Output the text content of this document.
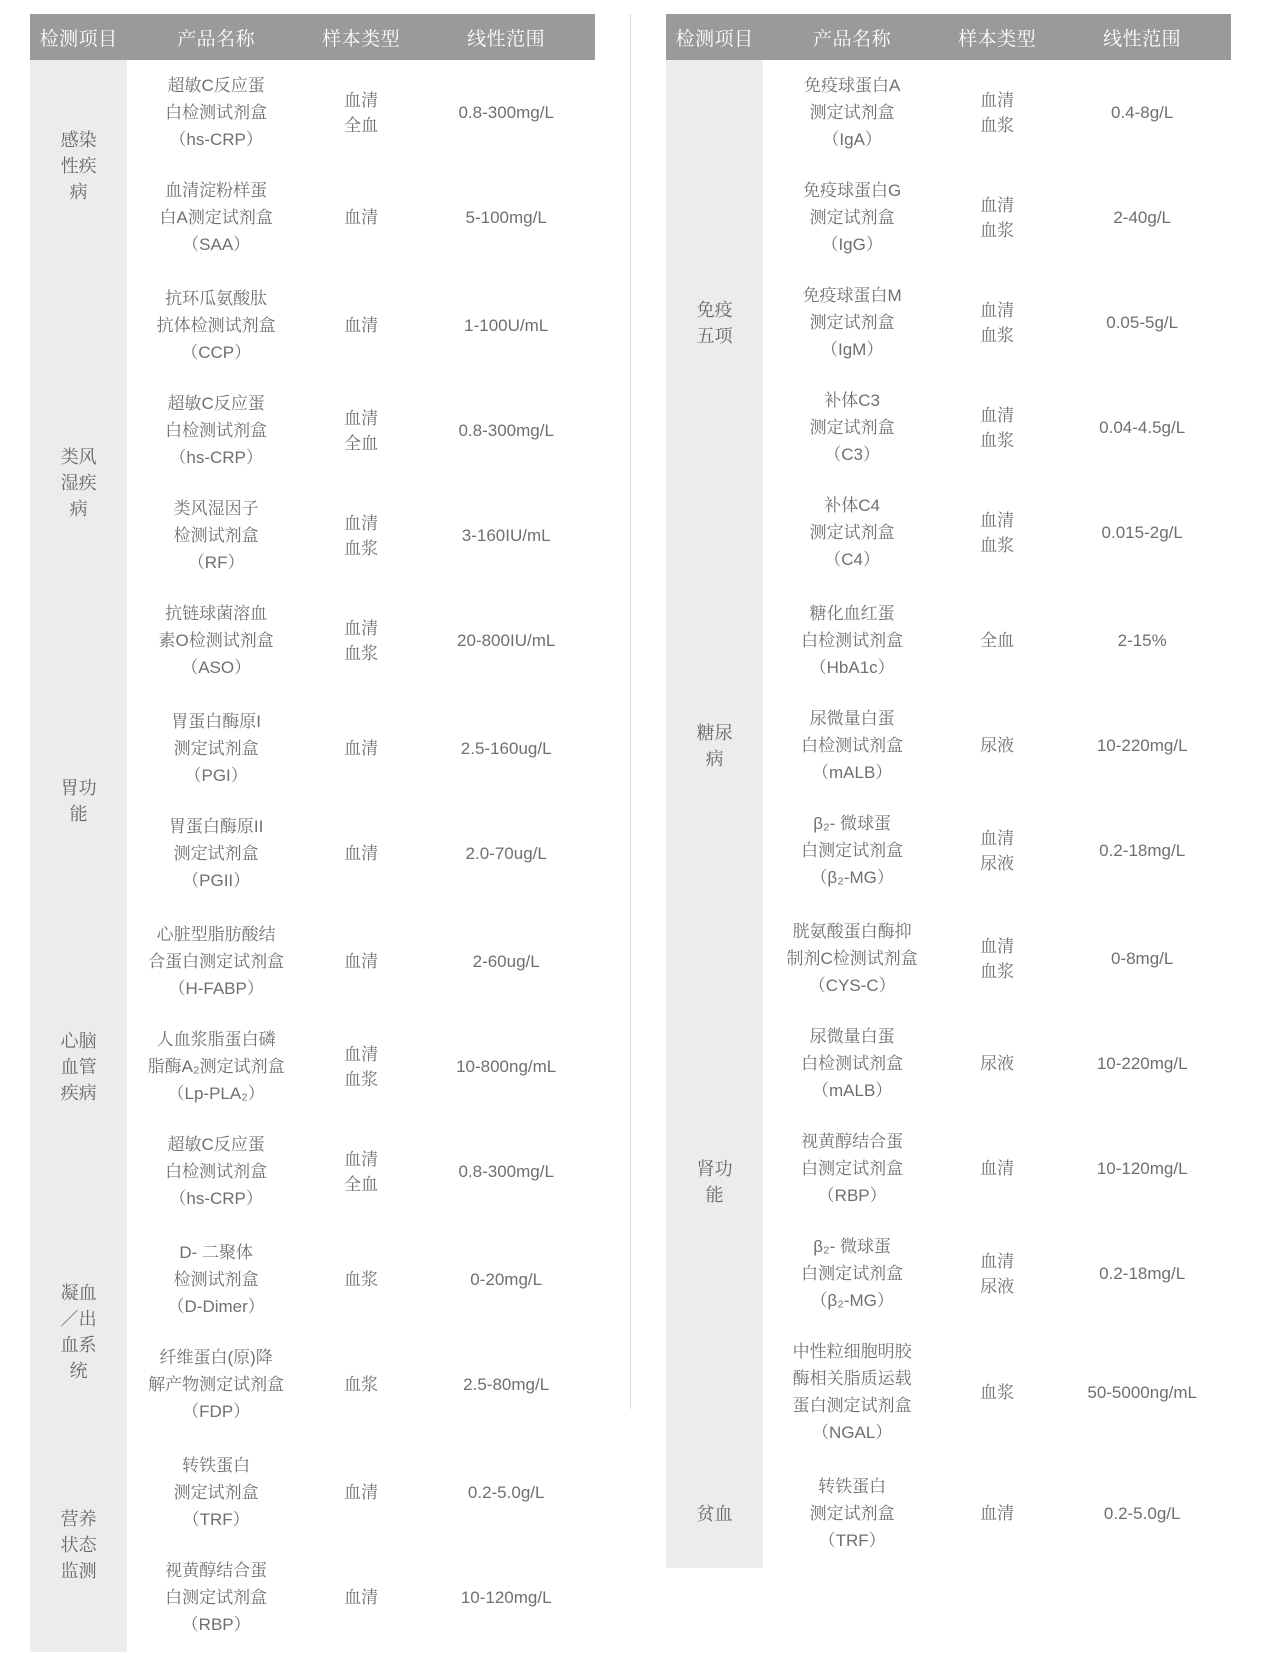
检测项目	产品名称	样本类型	线性范围

感染性疾病	超敏C反应蛋
白检测试剂盒
（hs-CRP）	血清
全血	0.8-300mg/L

	血清淀粉样蛋
白A测定试剂盒
（SAA）	血清	5-100mg/L

类风湿疾病	抗环瓜氨酸肽
抗体检测试剂盒
（CCP）	血清	1-100U/mL

	超敏C反应蛋
白检测试剂盒
（hs-CRP）	血清
全血	0.8-300mg/L

	类风湿因子
检测试剂盒
（RF）	血清
血浆	3-160IU/mL

	抗链球菌溶血
素O检测试剂盒
（ASO）	血清
血浆	20-800IU/mL

胃功能	胃蛋白酶原I
测定试剂盒
（PGI）	血清	2.5-160ug/L

	胃蛋白酶原II
测定试剂盒
（PGII）	血清	2.0-70ug/L

心脑血管疾病	心脏型脂肪酸结
合蛋白测定试剂盒
（H-FABP）	血清	2-60ug/L

	人血浆脂蛋白磷
脂酶A₂测定试剂盒
（Lp-PLA₂）	血清
血浆	10-800ng/mL

	超敏C反应蛋
白检测试剂盒
（hs-CRP）	血清
全血	0.8-300mg/L

凝血／出血系统	D- 二聚体
检测试剂盒
（D-Dimer）	血浆	0-20mg/L

	纤维蛋白(原)降
解产物测定试剂盒
（FDP）	血浆	2.5-80mg/L

营养状态监测	转铁蛋白
测定试剂盒
（TRF）	血清	0.2-5.0g/L

	视黄醇结合蛋
白测定试剂盒
（RBP）	血清	10-120mg/L
检测项目	产品名称	样本类型	线性范围

免疫五项	免疫球蛋白A
测定试剂盒
（IgA）	血清
血浆	0.4-8g/L

	免疫球蛋白G
测定试剂盒
（IgG）	血清
血浆	2-40g/L

	免疫球蛋白M
测定试剂盒
（IgM）	血清
血浆	0.05-5g/L

	补体C3
测定试剂盒
（C3）	血清
血浆	0.04-4.5g/L

	补体C4
测定试剂盒
（C4）	血清
血浆	0.015-2g/L

糖尿病	糖化血红蛋
白检测试剂盒
（HbA1c）	全血	2-15%

	尿微量白蛋
白检测试剂盒
（mALB）	尿液	10-220mg/L

	β₂- 微球蛋
白测定试剂盒
（β₂-MG）	血清
尿液	0.2-18mg/L

肾功能	胱氨酸蛋白酶抑
制剂C检测试剂盒
（CYS-C）	血清
血浆	0-8mg/L

	尿微量白蛋
白检测试剂盒
（mALB）	尿液	10-220mg/L

	视黄醇结合蛋
白测定试剂盒
（RBP）	血清	10-120mg/L

	β₂- 微球蛋
白测定试剂盒
（β₂-MG）	血清
尿液	0.2-18mg/L

	中性粒细胞明胶
酶相关脂质运载
蛋白测定试剂盒
（NGAL）	血浆	50-5000ng/mL

贫血	转铁蛋白
测定试剂盒
（TRF）	血清	0.2-5.0g/L
